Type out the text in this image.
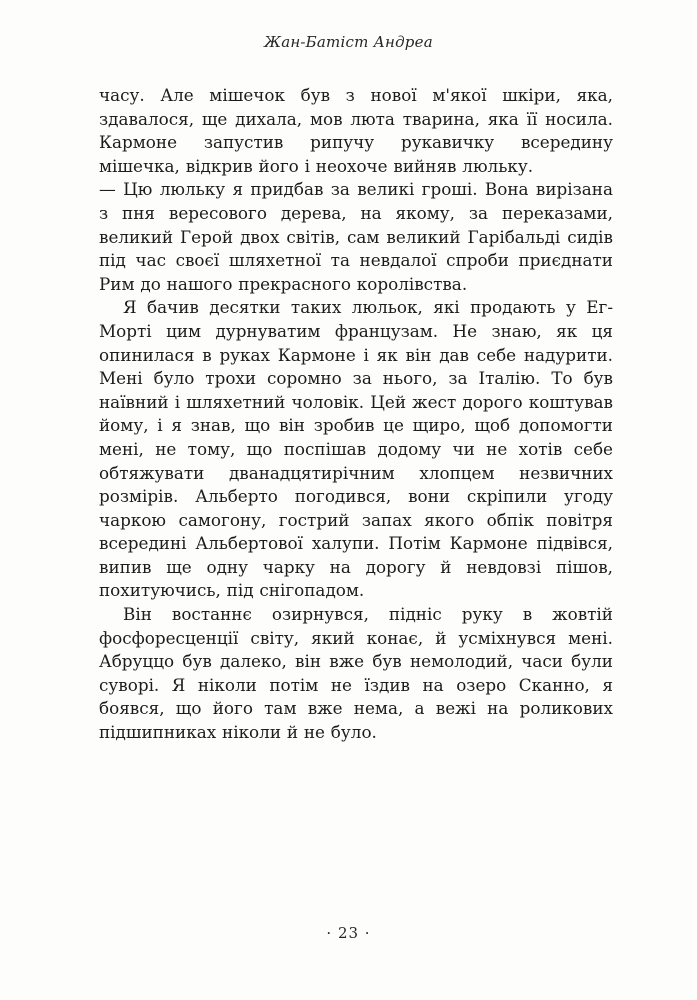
Жан-Батіст Андреа

часу. Але мішечок був з нової м'якої шкіри, яка, здавалося, ще дихала, мов люта тварина, яка її носила. Кармоне запустив рипучу рукавичку всередину мішечка, відкрив його і неохоче вийняв люльку.

— Цю люльку я придбав за великі гроші. Вона вирізана з пня вересового дерева, на якому, за переказами, великий Герой двох світів, сам великий Гарібальді сидів під час своєї шляхетної та невдалої спроби приєднати Рим до нашого прекрасного королівства.

Я бачив десятки таких люльок, які продають у Ег-Морті цим дурнуватим французам. Не знаю, як ця опинилася в руках Кармоне і як він дав себе надурити. Мені було трохи соромно за нього, за Італію. То був наївний і шляхетний чоловік. Цей жест дорого коштував йому, і я знав, що він зробив це щиро, щоб допомогти мені, не тому, що поспішав додому чи не хотів себе обтяжувати дванадцятирічним хлопцем незвичних розмірів. Альберто погодився, вони скріпили угоду чаркою самогону, гострий запах якого обпік повітря всередині Альбертової халупи. Потім Кармоне підвівся, випив ще одну чарку на дорогу й невдовзі пішов, похитуючись, під снігопадом.

Він востаннє озирнувся, підніс руку в жовтій фосфоресценції світу, який конає, й усміхнувся мені. Абруццо був далеко, він вже був немолодий, часи були суворі. Я ніколи потім не їздив на озеро Сканно, я боявся, що його там вже нема, а вежі на роликових підшипниках ніколи й не було.

· 23 ·
